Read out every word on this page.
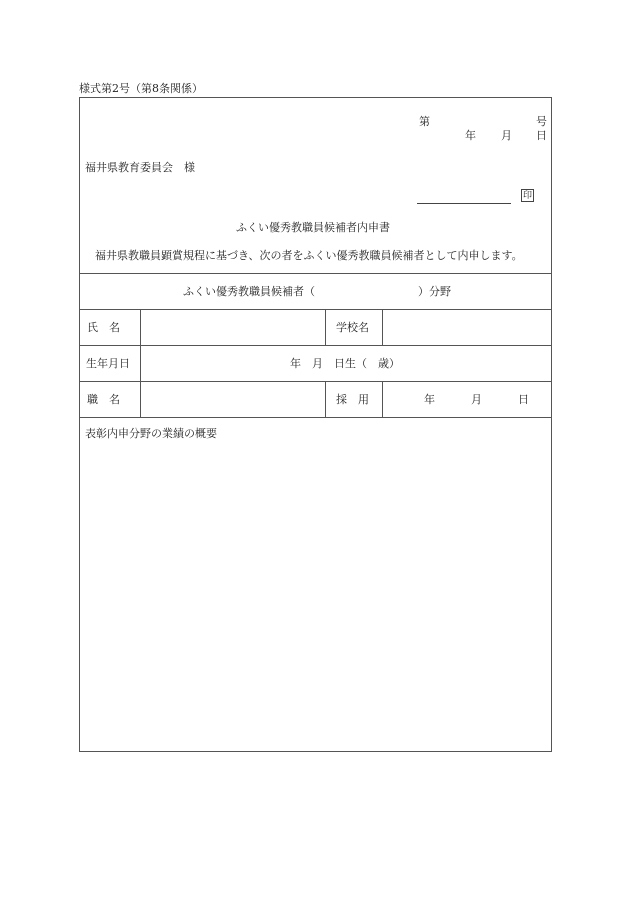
様式第2号（第8条関係）
第	号
年 月 日
福井県教育委員会　様
印
ふくい優秀教職員候補者内申書
福井県教職員顕賞規程に基づき、次の者をふくい優秀教職員候補者として内申します。
ふくい優秀教職員候補者（	）分野
氏　名	学校名
生年月日	年　月　日生（　歳）
職　名	採　用	年	月	日
表彰内申分野の業績の概要
